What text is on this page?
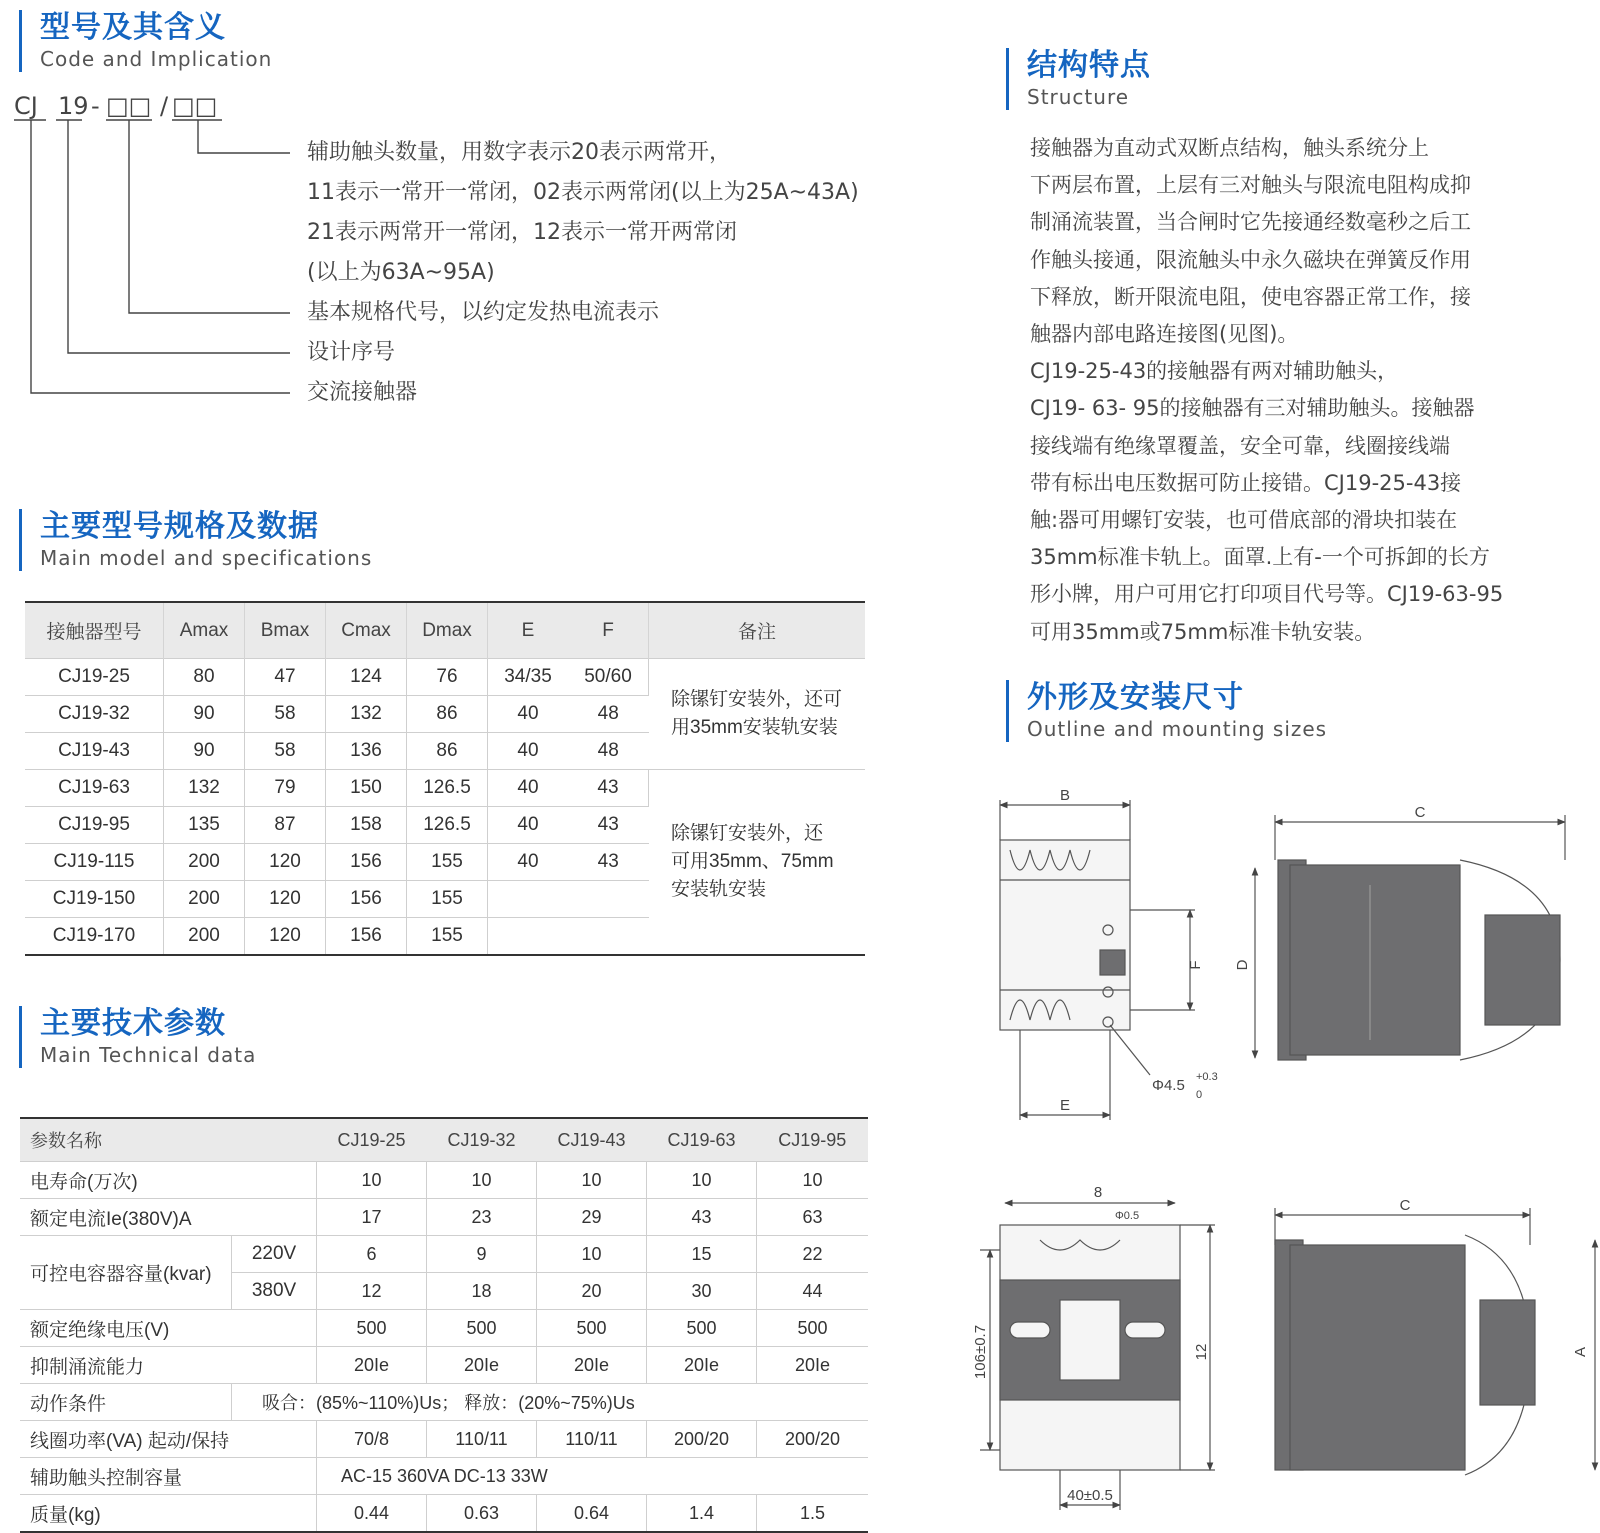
型号及其含义
Code and Implication
CJ 19 - □□ / □□
辅助触头数量，用数字表示20表示两常开，
11表示一常开一常闭，02表示两常闭(以上为25A~43A)
21表示两常开一常闭，12表示一常开两常闭
(以上为63A~95A)
基本规格代号，以约定发热电流表示
设计序号
交流接触器
主要型号规格及数据
Main model and specifications
接触器型号	Amax	Bmax	Cmax	Dmax	E	F	备注
CJ19-25	80	47	124	76	34/35	50/60	除镙钉安装外，还可
用35mm安装轨安装

CJ19-32	90	58	132	86	40	48	
CJ19-43	90	58	136	86	40	48	
CJ19-63	132	79	150	126.5	40	43	除镙钉安装外，还
可用35mm、75mm
安装轨安装

CJ19-95	135	87	158	126.5	40	43	
CJ19-115	200	120	156	155	40	43	
CJ19-150	200	120	156	155			
CJ19-170	200	120	156	155			
主要技术参数
Main Technical data
参数名称		CJ19-25	CJ19-32	CJ19-43	CJ19-63	CJ19-95
电寿命(万次)		10	10	10	10	10
额定电流Ie(380V)A		17	23	29	43	63
可控电容器容量(kvar)	220V	6	9	10	15	22
	380V	12	18	20	30	44
额定绝缘电压(V)		500	500	500	500	500
抑制涌流能力		20Ie	20Ie	20Ie	20Ie	20Ie
动作条件	吸合：(85%~110%)Us； 释放：(20%~75%)Us					
线圈功率(VA) 起动/保持		70/8	110/11	110/11	200/20	200/20
辅助触头控制容量		AC-15 360VA DC-13 33W				
质量(kg)		0.44	0.63	0.64	1.4	1.5
结构特点
Structure

接触器为直动式双断点结构，触头系统分上

下两层布置，上层有三对触头与限流电阻构成抑

制涌流装置，当合闸时它先接通经数毫秒之后工

作触头接通，限流触头中永久磁块在弹簧反作用

下释放，断开限流电阻，使电容器正常工作，接

触器内部电路连接图(见图)。

CJ19-25-43的接触器有两对辅助触头，

CJ19- 63- 95的接触器有三对辅助触头。接触器

接线端有绝缘罩覆盖，安全可靠，线圈接线端

带有标出电压数据可防止接错。CJ19-25-43接

触:器可用螺钉安装，也可借底部的滑块扣装在

35mm标准卡轨上。面罩.上有-一个可拆卸的长方

形小牌，用户可用它打印项目代号等。CJ19-63-95

可用35mm或75mm标准卡轨安装。

外形及安装尺寸
Outline and mounting sizes
B
F
E
Φ4.5 +0.3
0
C
D
8
Φ0.5
106±0.7	12
40±0.5
C
A
